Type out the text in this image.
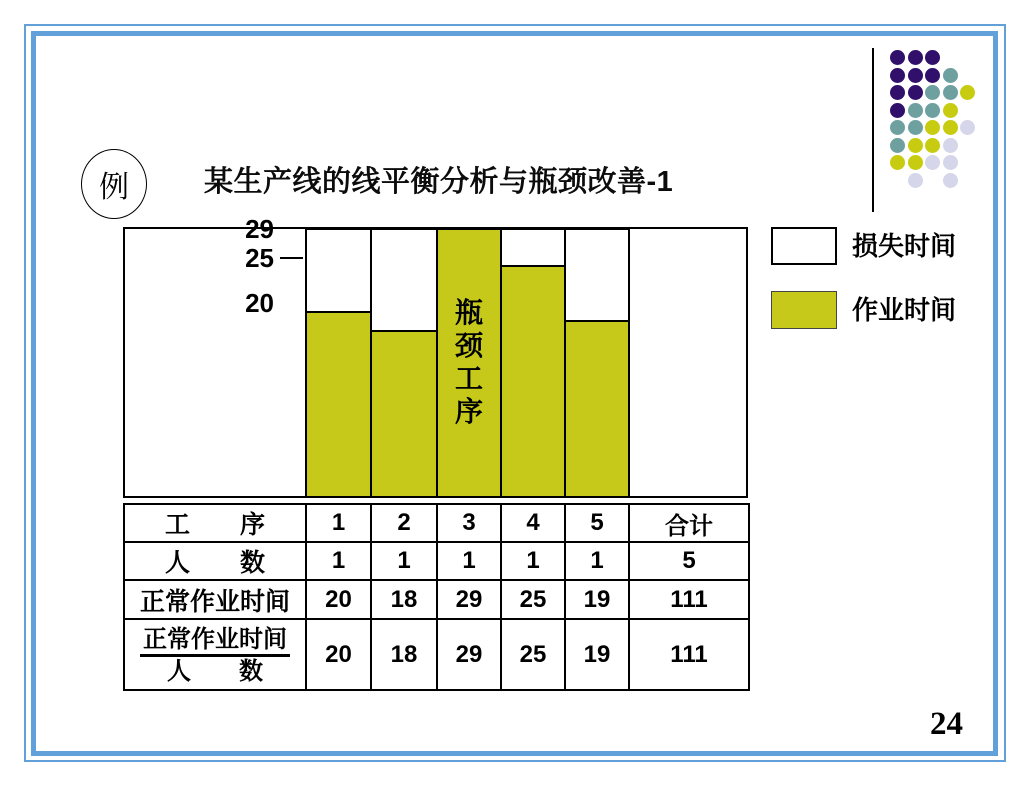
例	某生产线的线平衡分析与瓶颈改善-1
29
25
20	瓶颈工序
损失时间
作业时间
工　　序	1	2	3	4	5	合计
人　　数	1	1	1	1	1	5
正常作业时间	20	18	29	25	19	111
正常作业时间
人　　数	20	18	29	25	19	111
24
